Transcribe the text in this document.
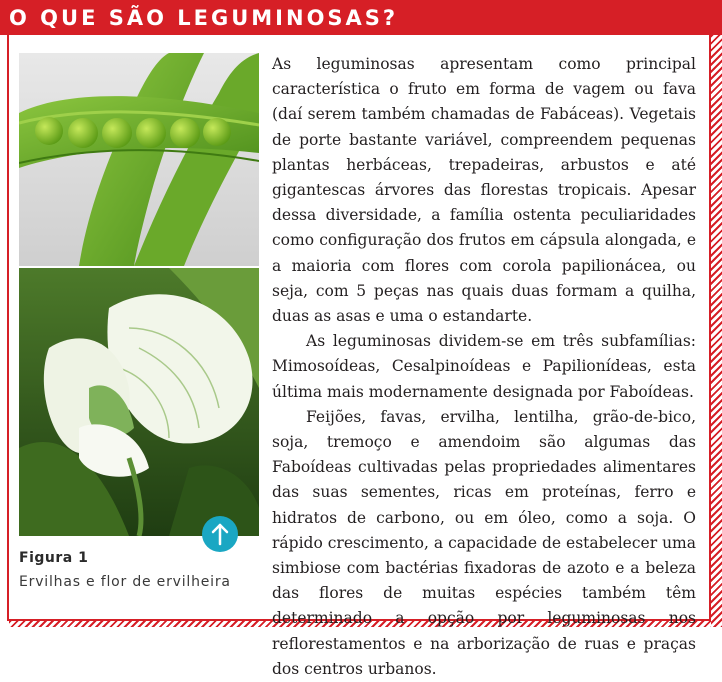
O QUE SÃO LEGUMINOSAS?
Figura 1
Ervilhas e flor de ervilheira

As leguminosas apresentam como principal característica o fruto em forma de vagem ou fava (daí serem também chamadas de Fabáceas). Vegetais de porte bastante variável, compreendem pequenas plantas herbáceas, trepadeiras, arbustos e até gigantescas árvores das florestas tropicais. Apesar dessa diversidade, a família ostenta peculiaridades como configuração dos frutos em cápsula alongada, e a maioria com flores com corola papilionácea, ou seja, com 5 peças nas quais duas formam a quilha, duas as asas e uma o estandarte.

As leguminosas dividem-se em três subfamílias: Mimosoídeas, Cesalpinoídeas e Papilionídeas, esta última mais modernamente designada por Faboídeas.

Feijões, favas, ervilha, lentilha, grão-de-bico, soja, tremoço e amendoim são algumas das Faboídeas cultivadas pelas propriedades alimentares das suas sementes, ricas em proteínas, ferro e hidratos de carbono, ou em óleo, como a soja. O rápido crescimento, a capacidade de estabelecer uma simbiose com bactérias fixadoras de azoto e a beleza das flores de muitas espécies também têm determinado a opção por leguminosas nos reflorestamentos e na arborização de ruas e praças dos centros urbanos.
